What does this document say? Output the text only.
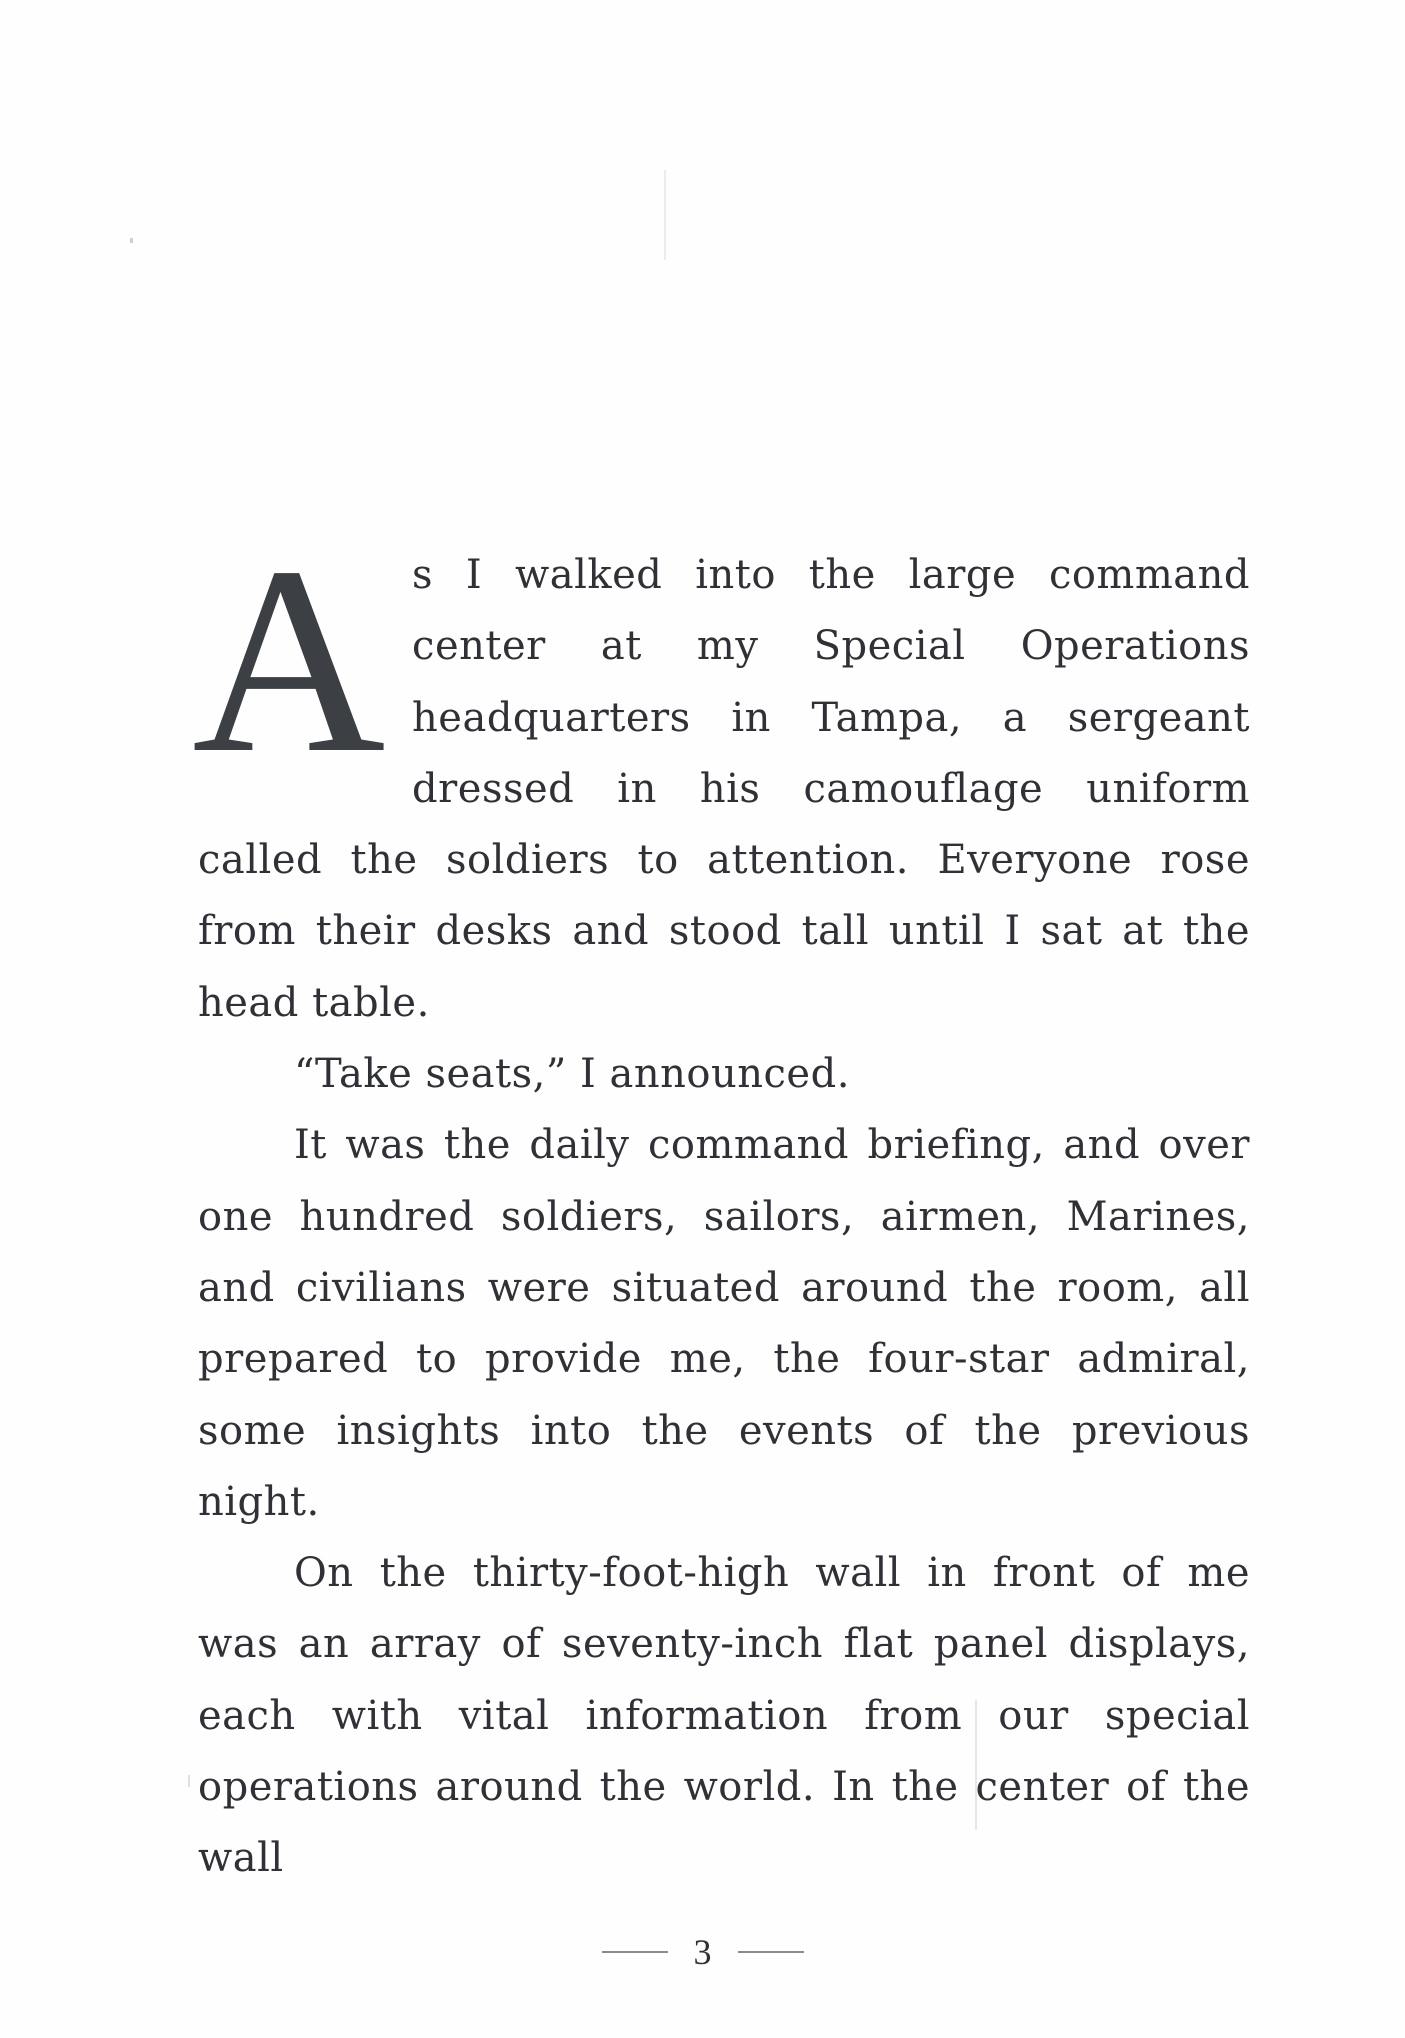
As I walked into the large command center at my Special Operations headquarters in Tampa, a sergeant dressed in his camouflage uniform called the soldiers to attention. Everyone rose from their desks and stood tall until I sat at the head table.

“Take seats,” I announced.

It was the daily command briefing, and over one hundred soldiers, sailors, airmen, Marines, and civilians were situated around the room, all prepared to provide me, the four-star admiral, some insights into the events of the previous night.

On the thirty-foot-high wall in front of me was an array of seventy-inch flat panel displays, each with vital information from our special operations around the world. In the center of the wall

3
